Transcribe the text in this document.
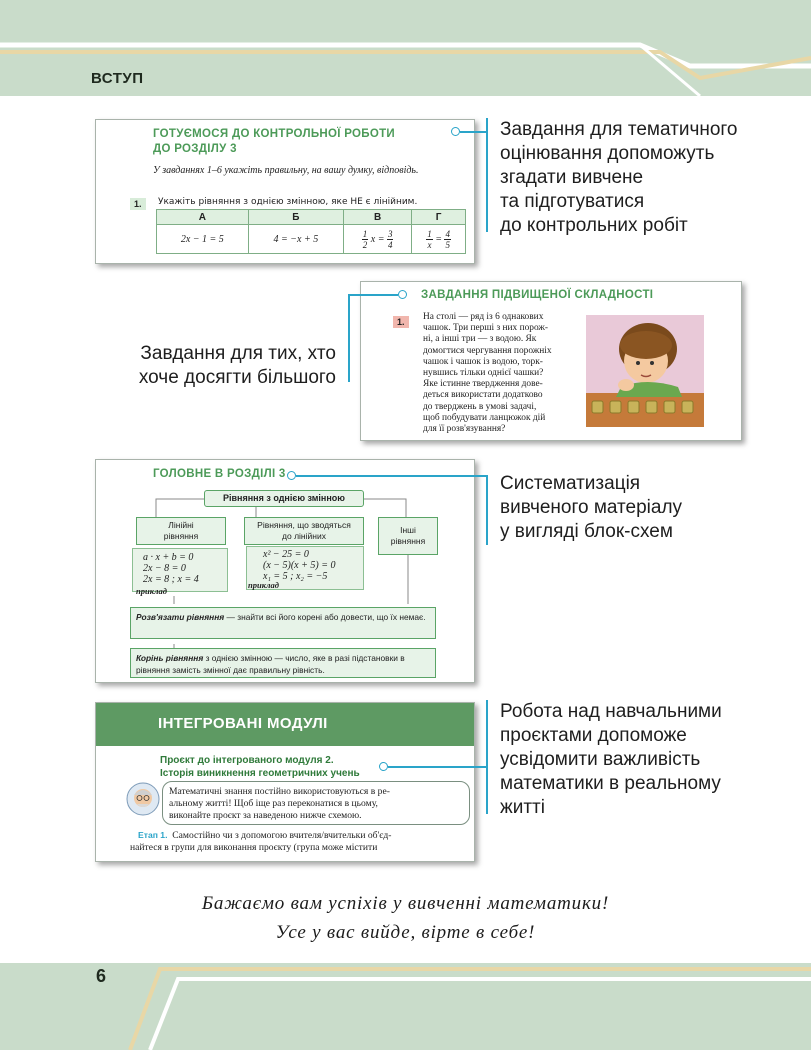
ВСТУП
ГОТУЄМОСЯ ДО КОНТРОЛЬНОЇ РОБОТИ
ДО РОЗДІЛУ 3
У завданнях 1–6 укажіть правильну, на вашу думку, відповідь.
1.	Укажіть рівняння з однією змінною, яке НЕ є лінійним.
А	Б	В	Г
2x − 1 = 5	4 = −x + 5	$\frac{1}{2}$ $x = \frac{3}{4}$	$\frac{1}{x} = \frac{4}{5}$
Завдання для тематичного
оцінювання допоможуть
згадати вивчене
та підготуватися
до контрольних робіт
ЗАВДАННЯ ПІДВИЩЕНОЇ СКЛАДНОСТІ
1.	На столі — ряд із 6 однакових
чашок. Три перші з них порож-
ні, а інші три — з водою. Як
домогтися чергування порожніх
чашок і чашок із водою, торк-
нувшись тільки однієї чашки?
Яке істинне твердження дове-
деться використати додатково
до тверджень в умові задачі,
щоб побудувати ланцюжок дій
для її розв'язування?
Завдання для тих, хто
хоче досягти більшого
ГОЛОВНЕ В РОЗДІЛІ 3
Рівняння з однією змінною
Лінійні
рівняння
Рівняння, що зводяться
до лінійних
Інші
рівняння
a · x + b = 0
2x − 8 = 0
2x = 8 ; x = 4
приклад
x² − 25 = 0
(x − 5)(x + 5) = 0
x₁ = 5 ; x₂ = −5
приклад
Розв'язати рівняння — знайти всі його корені або довести, що їх немає.
Корінь рівняння з однією змінною — число, яке в разі підстановки в рівняння замість змінної дає правильну рівність.
Систематизація
вивченого матеріалу
у вигляді блок-схем
ІНТЕГРОВАНІ МОДУЛІ
Проєкт до інтегрованого модуля 2.
Історія виникнення геометричних учень
Математичні знання постійно використовуються в ре-
альному житті! Щоб іще раз переконатися в цьому,
виконайте проєкт за наведеною нижче схемою.
Етап 1. Самостійно чи з допомогою вчителя/вчительки об'єд-
найтеся в групи для виконання проєкту (група може містити
Робота над навчальними
проєктами допоможе
усвідомити важливість
математики в реальному
житті
Бажаємо вам успіхів у вивченні математики!
Усе у вас вийде, вірте в себе!
6
